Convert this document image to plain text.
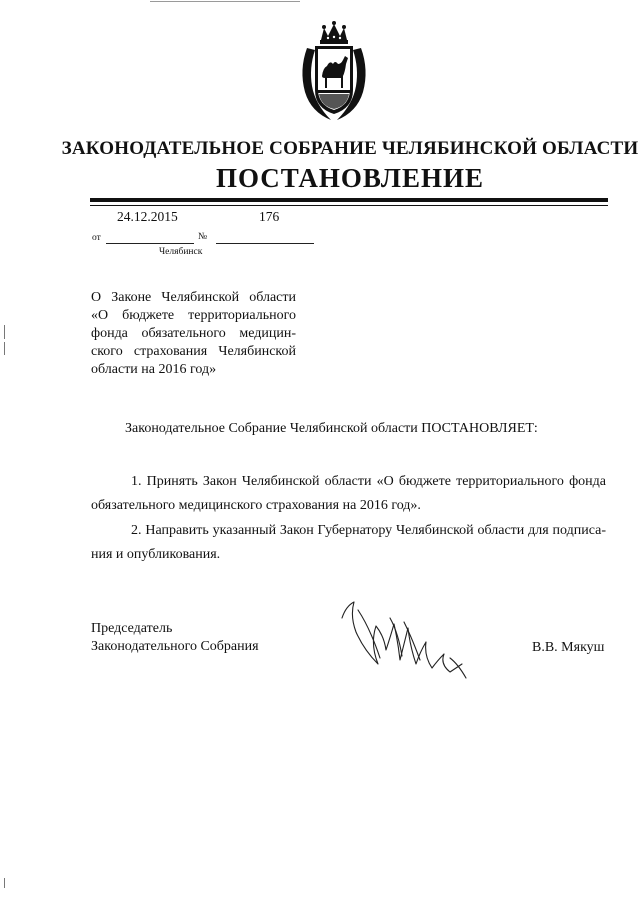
ЗАКОНОДАТЕЛЬНОЕ СОБРАНИЕ ЧЕЛЯБИНСКОЙ ОБЛАСТИ
ПОСТАНОВЛЕНИЕ
24.12.2015	176
от	№
Челябинск
О Законе Челябинской области «О бюджете территориального фонда обязательного медицинского страхования Челябинской области на 2016 год»
Законодательное Собрание Челябинской области ПОСТАНОВЛЯЕТ:
1. Принять Закон Челябинской области «О бюджете территориального фонда обязательного медицинского страхования на 2016 год».
2. Направить указанный Закон Губернатору Челябинской области для подписания и опубликования.
Председатель
Законодательного Собрания	В.В. Мякуш
